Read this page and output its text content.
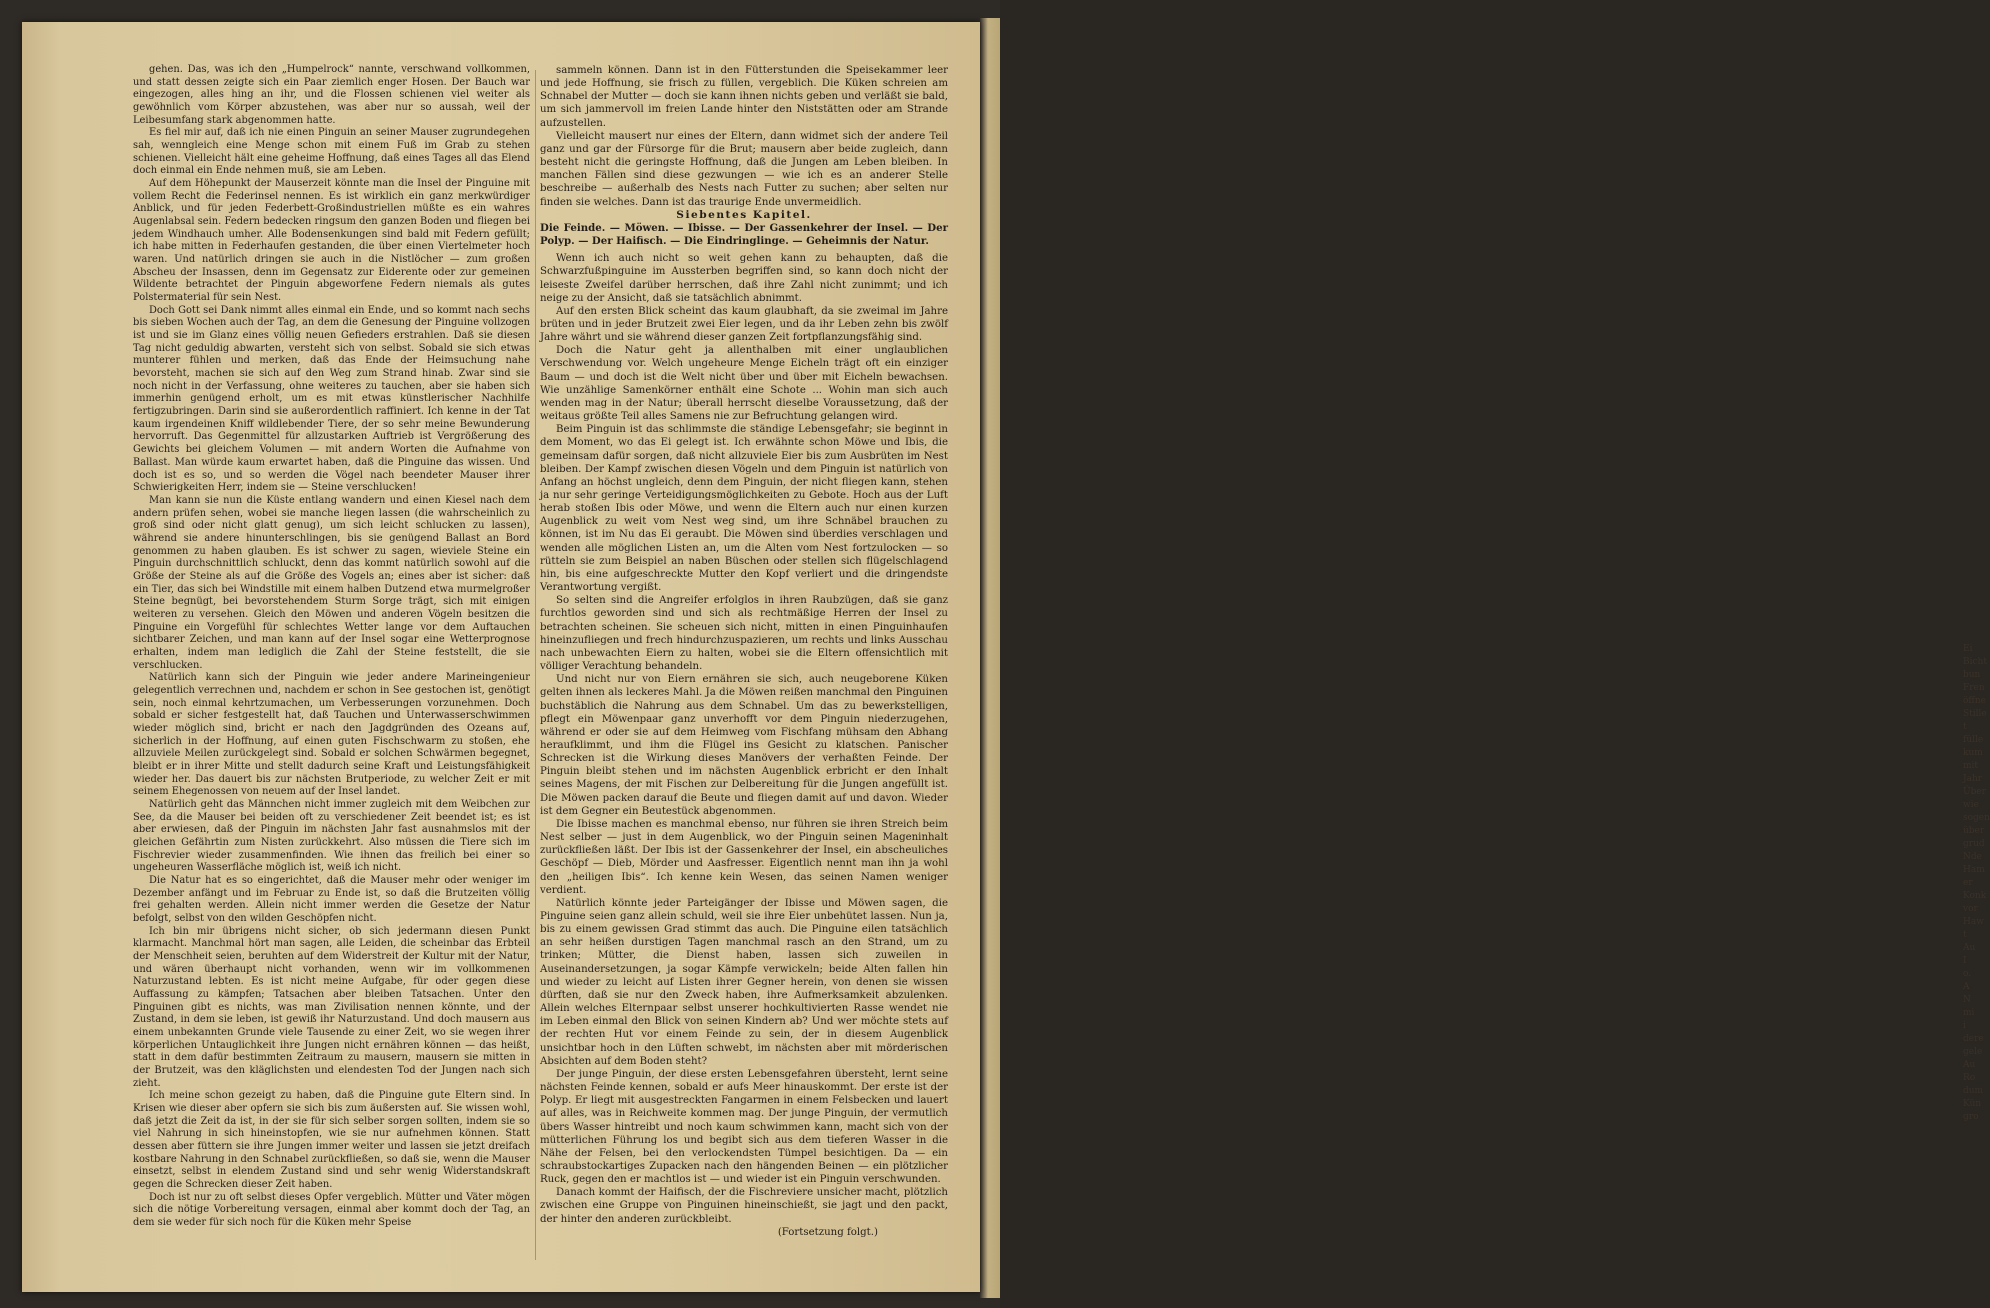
Ei
Bicht
bun
Fren
öffne
Stille
t
fülle
kum
mit
Jahr
Über
wie
sogen
über
grud
Nde
Ham
er
Konk
vor
Haw
t
Au
I
o. A
N
mi
i
dere
gele
Au
Ro
dum
Kün
gro

gehen. Das, was ich den „Humpelrock“ nannte, verschwand vollkommen, und statt dessen zeigte sich ein Paar ziemlich enger Hosen. Der Bauch war eingezogen, alles hing an ihr, und die Flossen schienen viel weiter als gewöhnlich vom Körper abzustehen, was aber nur so aussah, weil der Leibesumfang stark abgenommen hatte.

Es fiel mir auf, daß ich nie einen Pinguin an seiner Mauser zugrundegehen sah, wenngleich eine Menge schon mit einem Fuß im Grab zu stehen schienen. Vielleicht hält eine geheime Hoffnung, daß eines Tages all das Elend doch einmal ein Ende nehmen muß, sie am Leben.

Auf dem Höhepunkt der Mauserzeit könnte man die Insel der Pinguine mit vollem Recht die Federinsel nennen. Es ist wirklich ein ganz merkwürdiger Anblick, und für jeden Federbett-Großindustriellen müßte es ein wahres Augenlabsal sein. Federn bedecken ringsum den ganzen Boden und fliegen bei jedem Windhauch umher. Alle Bodensenkungen sind bald mit Federn gefüllt; ich habe mitten in Federhaufen gestanden, die über einen Viertelmeter hoch waren. Und natürlich dringen sie auch in die Nistlöcher — zum großen Abscheu der Insassen, denn im Gegensatz zur Eiderente oder zur gemeinen Wildente betrachtet der Pinguin abgeworfene Federn niemals als gutes Polstermaterial für sein Nest.

Doch Gott sei Dank nimmt alles einmal ein Ende, und so kommt nach sechs bis sieben Wochen auch der Tag, an dem die Genesung der Pinguine vollzogen ist und sie im Glanz eines völlig neuen Gefieders erstrahlen. Daß sie diesen Tag nicht geduldig abwarten, versteht sich von selbst. Sobald sie sich etwas munterer fühlen und merken, daß das Ende der Heimsuchung nahe bevorsteht, machen sie sich auf den Weg zum Strand hinab. Zwar sind sie noch nicht in der Verfassung, ohne weiteres zu tauchen, aber sie haben sich immerhin genügend erholt, um es mit etwas künstlerischer Nachhilfe fertigzubringen. Darin sind sie außerordentlich raffiniert. Ich kenne in der Tat kaum irgendeinen Kniff wildlebender Tiere, der so sehr meine Bewunderung hervorruft. Das Gegenmittel für allzustarken Auftrieb ist Vergrößerung des Gewichts bei gleichem Volumen — mit andern Worten die Aufnahme von Ballast. Man würde kaum erwartet haben, daß die Pinguine das wissen. Und doch ist es so, und so werden die Vögel nach beendeter Mauser ihrer Schwierigkeiten Herr, indem sie — Steine verschlucken!

Man kann sie nun die Küste entlang wandern und einen Kiesel nach dem andern prüfen sehen, wobei sie manche liegen lassen (die wahrscheinlich zu groß sind oder nicht glatt genug), um sich leicht schlucken zu lassen), während sie andere hinunterschlingen, bis sie genügend Ballast an Bord genommen zu haben glauben. Es ist schwer zu sagen, wieviele Steine ein Pinguin durchschnittlich schluckt, denn das kommt natürlich sowohl auf die Größe der Steine als auf die Größe des Vogels an; eines aber ist sicher: daß ein Tier, das sich bei Windstille mit einem halben Dutzend etwa murmelgroßer Steine begnügt, bei bevorstehendem Sturm Sorge trägt, sich mit einigen weiteren zu versehen. Gleich den Möwen und anderen Vögeln besitzen die Pinguine ein Vorgefühl für schlechtes Wetter lange vor dem Auftauchen sichtbarer Zeichen, und man kann auf der Insel sogar eine Wetterprognose erhalten, indem man lediglich die Zahl der Steine feststellt, die sie verschlucken.

Natürlich kann sich der Pinguin wie jeder andere Marineingenieur gelegentlich verrechnen und, nachdem er schon in See gestochen ist, genötigt sein, noch einmal kehrtzumachen, um Verbesserungen vorzunehmen. Doch sobald er sicher festgestellt hat, daß Tauchen und Unterwasserschwimmen wieder möglich sind, bricht er nach den Jagdgründen des Ozeans auf, sicherlich in der Hoffnung, auf einen guten Fischschwarm zu stoßen, ehe allzuviele Meilen zurückgelegt sind. Sobald er solchen Schwärmen begegnet, bleibt er in ihrer Mitte und stellt dadurch seine Kraft und Leistungsfähigkeit wieder her. Das dauert bis zur nächsten Brutperiode, zu welcher Zeit er mit seinem Ehegenossen von neuem auf der Insel landet.

Natürlich geht das Männchen nicht immer zugleich mit dem Weibchen zur See, da die Mauser bei beiden oft zu verschiedener Zeit beendet ist; es ist aber erwiesen, daß der Pinguin im nächsten Jahr fast ausnahmslos mit der gleichen Gefährtin zum Nisten zurückkehrt. Also müssen die Tiere sich im Fischrevier wieder zusammenfinden. Wie ihnen das freilich bei einer so ungeheuren Wasserfläche möglich ist, weiß ich nicht.

Die Natur hat es so eingerichtet, daß die Mauser mehr oder weniger im Dezember anfängt und im Februar zu Ende ist, so daß die Brutzeiten völlig frei gehalten werden. Allein nicht immer werden die Gesetze der Natur befolgt, selbst von den wilden Geschöpfen nicht.

Ich bin mir übrigens nicht sicher, ob sich jedermann diesen Punkt klarmacht. Manchmal hört man sagen, alle Leiden, die scheinbar das Erbteil der Menschheit seien, beruhten auf dem Widerstreit der Kultur mit der Natur, und wären überhaupt nicht vorhanden, wenn wir im vollkommenen Naturzustand lebten. Es ist nicht meine Aufgabe, für oder gegen diese Auffassung zu kämpfen; Tatsachen aber bleiben Tatsachen. Unter den Pinguinen gibt es nichts, was man Zivilisation nennen könnte, und der Zustand, in dem sie leben, ist gewiß ihr Naturzustand. Und doch mausern aus einem unbekannten Grunde viele Tausende zu einer Zeit, wo sie wegen ihrer körperlichen Untauglichkeit ihre Jungen nicht ernähren können — das heißt, statt in dem dafür bestimmten Zeitraum zu mausern, mausern sie mitten in der Brutzeit, was den kläglichsten und elendesten Tod der Jungen nach sich zieht.

Ich meine schon gezeigt zu haben, daß die Pinguine gute Eltern sind. In Krisen wie dieser aber opfern sie sich bis zum äußersten auf. Sie wissen wohl, daß jetzt die Zeit da ist, in der sie für sich selber sorgen sollten, indem sie so viel Nahrung in sich hineinstopfen, wie sie nur aufnehmen können. Statt dessen aber füttern sie ihre Jungen immer weiter und lassen sie jetzt dreifach kostbare Nahrung in den Schnabel zurückfließen, so daß sie, wenn die Mauser einsetzt, selbst in elendem Zustand sind und sehr wenig Widerstandskraft gegen die Schrecken dieser Zeit haben.

Doch ist nur zu oft selbst dieses Opfer vergeblich. Mütter und Väter mögen sich die nötige Vorbereitung versagen, einmal aber kommt doch der Tag, an dem sie weder für sich noch für die Küken mehr Speise

sammeln können. Dann ist in den Fütterstunden die Speisekammer leer und jede Hoffnung, sie frisch zu füllen, vergeblich. Die Küken schreien am Schnabel der Mutter — doch sie kann ihnen nichts geben und verläßt sie bald, um sich jammervoll im freien Lande hinter den Niststätten oder am Strande aufzustellen.

Vielleicht mausert nur eines der Eltern, dann widmet sich der andere Teil ganz und gar der Fürsorge für die Brut; mausern aber beide zugleich, dann besteht nicht die geringste Hoffnung, daß die Jungen am Leben bleiben. In manchen Fällen sind diese gezwungen — wie ich es an anderer Stelle beschreibe — außerhalb des Nests nach Futter zu suchen; aber selten nur finden sie welches. Dann ist das traurige Ende unvermeidlich.

Siebentes Kapitel.

Die Feinde. — Möwen. — Ibisse. — Der Gassenkehrer der Insel. — Der Polyp. — Der Haifisch. — Die Eindringlinge. — Geheimnis der Natur.

Wenn ich auch nicht so weit gehen kann zu behaupten, daß die Schwarzfußpinguine im Aussterben begriffen sind, so kann doch nicht der leiseste Zweifel darüber herrschen, daß ihre Zahl nicht zunimmt; und ich neige zu der Ansicht, daß sie tatsächlich abnimmt.

Auf den ersten Blick scheint das kaum glaubhaft, da sie zweimal im Jahre brüten und in jeder Brutzeit zwei Eier legen, und da ihr Leben zehn bis zwölf Jahre währt und sie während dieser ganzen Zeit fortpflanzungsfähig sind.

Doch die Natur geht ja allenthalben mit einer unglaublichen Verschwendung vor. Welch ungeheure Menge Eicheln trägt oft ein einziger Baum — und doch ist die Welt nicht über und über mit Eicheln bewachsen. Wie unzählige Samenkörner enthält eine Schote ... Wohin man sich auch wenden mag in der Natur; überall herrscht dieselbe Voraussetzung, daß der weitaus größte Teil alles Samens nie zur Befruchtung gelangen wird.

Beim Pinguin ist das schlimmste die ständige Lebensgefahr; sie beginnt in dem Moment, wo das Ei gelegt ist. Ich erwähnte schon Möwe und Ibis, die gemeinsam dafür sorgen, daß nicht allzuviele Eier bis zum Ausbrüten im Nest bleiben. Der Kampf zwischen diesen Vögeln und dem Pinguin ist natürlich von Anfang an höchst ungleich, denn dem Pinguin, der nicht fliegen kann, stehen ja nur sehr geringe Verteidigungsmöglichkeiten zu Gebote. Hoch aus der Luft herab stoßen Ibis oder Möwe, und wenn die Eltern auch nur einen kurzen Augenblick zu weit vom Nest weg sind, um ihre Schnäbel brauchen zu können, ist im Nu das Ei geraubt. Die Möwen sind überdies verschlagen und wenden alle möglichen Listen an, um die Alten vom Nest fortzulocken — so rütteln sie zum Beispiel an naben Büschen oder stellen sich flügelschlagend hin, bis eine aufgeschreckte Mutter den Kopf verliert und die dringendste Verantwortung vergißt.

So selten sind die Angreifer erfolglos in ihren Raubzügen, daß sie ganz furchtlos geworden sind und sich als rechtmäßige Herren der Insel zu betrachten scheinen. Sie scheuen sich nicht, mitten in einen Pinguinhaufen hineinzufliegen und frech hindurchzuspazieren, um rechts und links Ausschau nach unbewachten Eiern zu halten, wobei sie die Eltern offensichtlich mit völliger Verachtung behandeln.

Und nicht nur von Eiern ernähren sie sich, auch neugeborene Küken gelten ihnen als leckeres Mahl. Ja die Möwen reißen manchmal den Pinguinen buchstäblich die Nahrung aus dem Schnabel. Um das zu bewerkstelligen, pflegt ein Möwenpaar ganz unverhofft vor dem Pinguin niederzugehen, während er oder sie auf dem Heimweg vom Fischfang mühsam den Abhang heraufklimmt, und ihm die Flügel ins Gesicht zu klatschen. Panischer Schrecken ist die Wirkung dieses Manövers der verhaßten Feinde. Der Pinguin bleibt stehen und im nächsten Augenblick erbricht er den Inhalt seines Magens, der mit Fischen zur Delbereitung für die Jungen angefüllt ist. Die Möwen packen darauf die Beute und fliegen damit auf und davon. Wieder ist dem Gegner ein Beutestück abgenommen.

Die Ibisse machen es manchmal ebenso, nur führen sie ihren Streich beim Nest selber — just in dem Augenblick, wo der Pinguin seinen Mageninhalt zurückfließen läßt. Der Ibis ist der Gassenkehrer der Insel, ein abscheuliches Geschöpf — Dieb, Mörder und Aasfresser. Eigentlich nennt man ihn ja wohl den „heiligen Ibis“. Ich kenne kein Wesen, das seinen Namen weniger verdient.

Natürlich könnte jeder Parteigänger der Ibisse und Möwen sagen, die Pinguine seien ganz allein schuld, weil sie ihre Eier unbehütet lassen. Nun ja, bis zu einem gewissen Grad stimmt das auch. Die Pinguine eilen tatsächlich an sehr heißen durstigen Tagen manchmal rasch an den Strand, um zu trinken; Mütter, die Dienst haben, lassen sich zuweilen in Auseinandersetzungen, ja sogar Kämpfe verwickeln; beide Alten fallen hin und wieder zu leicht auf Listen ihrer Gegner herein, von denen sie wissen dürften, daß sie nur den Zweck haben, ihre Aufmerksamkeit abzulenken. Allein welches Elternpaar selbst unserer hochkultivierten Rasse wendet nie im Leben einmal den Blick von seinen Kindern ab? Und wer möchte stets auf der rechten Hut vor einem Feinde zu sein, der in diesem Augenblick unsichtbar hoch in den Lüften schwebt, im nächsten aber mit mörderischen Absichten auf dem Boden steht?

Der junge Pinguin, der diese ersten Lebensgefahren übersteht, lernt seine nächsten Feinde kennen, sobald er aufs Meer hinauskommt. Der erste ist der Polyp. Er liegt mit ausgestreckten Fangarmen in einem Felsbecken und lauert auf alles, was in Reichweite kommen mag. Der junge Pinguin, der vermutlich übers Wasser hintreibt und noch kaum schwimmen kann, macht sich von der mütterlichen Führung los und begibt sich aus dem tieferen Wasser in die Nähe der Felsen, bei den verlockendsten Tümpel besichtigen. Da — ein schraubstockartiges Zupacken nach den hängenden Beinen — ein plötzlicher Ruck, gegen den er machtlos ist — und wieder ist ein Pinguin verschwunden.

Danach kommt der Haifisch, der die Fischreviere unsicher macht, plötzlich zwischen eine Gruppe von Pinguinen hineinschießt, sie jagt und den packt, der hinter den anderen zurückbleibt.

(Fortsetzung folgt.)
